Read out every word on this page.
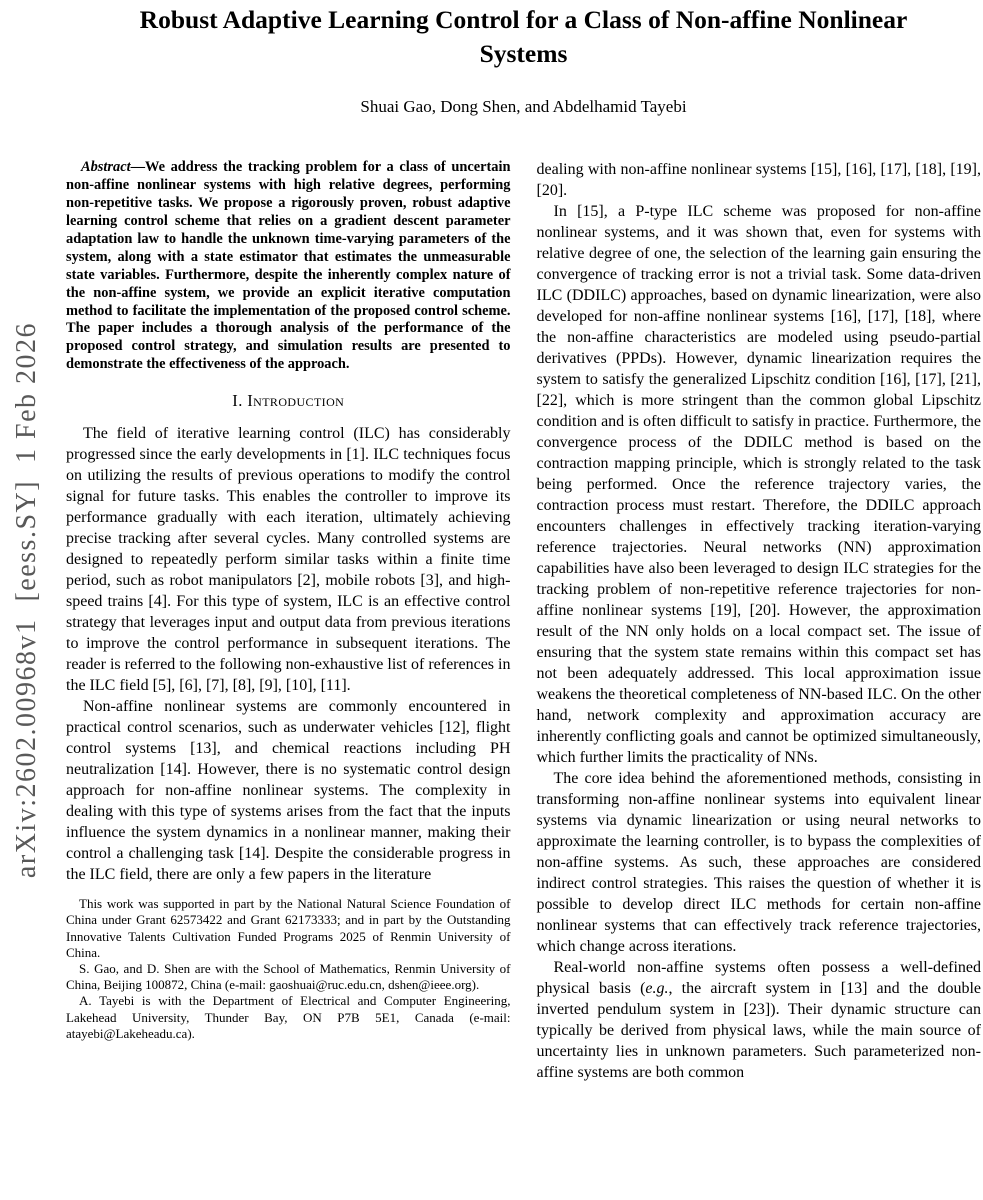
arXiv:2602.00968v1  [eess.SY]  1 Feb 2026
Robust Adaptive Learning Control for a Class of Non-affine Nonlinear Systems
Shuai Gao, Dong Shen, and Abdelhamid Tayebi

Abstract—We address the tracking problem for a class of uncertain non-affine nonlinear systems with high relative degrees, performing non-repetitive tasks. We propose a rigorously proven, robust adaptive learning control scheme that relies on a gradient descent parameter adaptation law to handle the unknown time-varying parameters of the system, along with a state estimator that estimates the unmeasurable state variables. Furthermore, despite the inherently complex nature of the non-affine system, we provide an explicit iterative computation method to facilitate the implementation of the proposed control scheme. The paper includes a thorough analysis of the performance of the proposed control strategy, and simulation results are presented to demonstrate the effectiveness of the approach.

I. Introduction

The field of iterative learning control (ILC) has considerably progressed since the early developments in [1]. ILC techniques focus on utilizing the results of previous operations to modify the control signal for future tasks. This enables the controller to improve its performance gradually with each iteration, ultimately achieving precise tracking after several cycles. Many controlled systems are designed to repeatedly perform similar tasks within a finite time period, such as robot manipulators [2], mobile robots [3], and high-speed trains [4]. For this type of system, ILC is an effective control strategy that leverages input and output data from previous iterations to improve the control performance in subsequent iterations. The reader is referred to the following non-exhaustive list of references in the ILC field [5], [6], [7], [8], [9], [10], [11].

Non-affine nonlinear systems are commonly encountered in practical control scenarios, such as underwater vehicles [12], flight control systems [13], and chemical reactions including PH neutralization [14]. However, there is no systematic control design approach for non-affine nonlinear systems. The complexity in dealing with this type of systems arises from the fact that the inputs influence the system dynamics in a nonlinear manner, making their control a challenging task [14]. Despite the considerable progress in the ILC field, there are only a few papers in the literature

This work was supported in part by the National Natural Science Foundation of China under Grant 62573422 and Grant 62173333; and in part by the Outstanding Innovative Talents Cultivation Funded Programs 2025 of Renmin University of China.

S. Gao, and D. Shen are with the School of Mathematics, Renmin University of China, Beijing 100872, China (e-mail: gaoshuai@ruc.edu.cn, dshen@ieee.org).

A. Tayebi is with the Department of Electrical and Computer Engineering, Lakehead University, Thunder Bay, ON P7B 5E1, Canada (e-mail: atayebi@Lakeheadu.ca).

dealing with non-affine nonlinear systems [15], [16], [17], [18], [19], [20].

In [15], a P-type ILC scheme was proposed for non-affine nonlinear systems, and it was shown that, even for systems with relative degree of one, the selection of the learning gain ensuring the convergence of tracking error is not a trivial task. Some data-driven ILC (DDILC) approaches, based on dynamic linearization, were also developed for non-affine nonlinear systems [16], [17], [18], where the non-affine characteristics are modeled using pseudo-partial derivatives (PPDs). However, dynamic linearization requires the system to satisfy the generalized Lipschitz condition [16], [17], [21], [22], which is more stringent than the common global Lipschitz condition and is often difficult to satisfy in practice. Furthermore, the convergence process of the DDILC method is based on the contraction mapping principle, which is strongly related to the task being performed. Once the reference trajectory varies, the contraction process must restart. Therefore, the DDILC approach encounters challenges in effectively tracking iteration-varying reference trajectories. Neural networks (NN) approximation capabilities have also been leveraged to design ILC strategies for the tracking problem of non-repetitive reference trajectories for non-affine nonlinear systems [19], [20]. However, the approximation result of the NN only holds on a local compact set. The issue of ensuring that the system state remains within this compact set has not been adequately addressed. This local approximation issue weakens the theoretical completeness of NN-based ILC. On the other hand, network complexity and approximation accuracy are inherently conflicting goals and cannot be optimized simultaneously, which further limits the practicality of NNs.

The core idea behind the aforementioned methods, consisting in transforming non-affine nonlinear systems into equivalent linear systems via dynamic linearization or using neural networks to approximate the learning controller, is to bypass the complexities of non-affine systems. As such, these approaches are considered indirect control strategies. This raises the question of whether it is possible to develop direct ILC methods for certain non-affine nonlinear systems that can effectively track reference trajectories, which change across iterations.

Real-world non-affine systems often possess a well-defined physical basis (e.g., the aircraft system in [13] and the double inverted pendulum system in [23]). Their dynamic structure can typically be derived from physical laws, while the main source of uncertainty lies in unknown parameters. Such parameterized non-affine systems are both common
